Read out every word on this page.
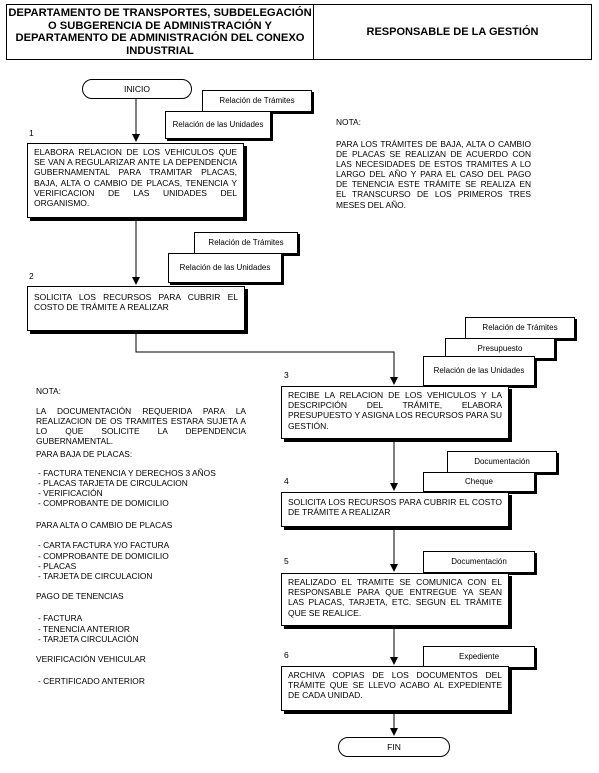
DEPARTAMENTO DE TRANSPORTES, SUBDELEGACIÓN O SUBGERENCIA DE ADMINISTRACIÓN Y DEPARTAMENTO DE ADMINISTRACIÓN DEL CONEXO INDUSTRIAL
RESPONSABLE DE LA GESTIÓN
INICIO
Relación de Trámites
Relación de las Unidades
1
ELABORA RELACION DE LOS VEHICULOS QUE SE VAN A REGULARIZAR ANTE LA DEPENDENCIA GUBERNAMENTAL PARA TRAMITAR PLACAS, BAJA, ALTA O CAMBIO DE PLACAS, TENENCIA Y VERIFICACION DE LAS UNIDADES DEL ORGANISMO.
NOTA:
PARA LOS TRÁMITES DE BAJA, ALTA O CAMBIO DE PLACAS SE REALIZAN DE ACUERDO CON LAS NECESIDADES DE ESTOS TRAMITES A LO LARGO DEL AÑO Y PARA EL CASO DEL PAGO DE TENENCIA ESTE TRÁMITE SE REALIZA EN EL TRANSCURSO DE LOS PRIMEROS TRES MESES DEL AÑO.
Relación de Trámites
Relación de las Unidades
2
SOLICITA LOS RECURSOS PARA CUBRIR EL COSTO DE TRÁMITE A REALIZAR
Relación de Trámites
Presupuesto
Relación de las Unidades

NOTA:

LA DOCUMENTACIÓN REQUERIDA PARA LA REALIZACION DE OS TRAMITES ESTARA SUJETA A LO QUE SOLICITE LA DEPENDENCIA GUBERNAMENTAL.

PARA BAJA DE PLACAS:

- FACTURA TENENCIA Y DERECHOS 3 AÑOS
- PLACAS TARJETA DE CIRCULACION
- VERIFICACIÓN
- COMPROBANTE DE DOMICILIO

PARA ALTA O CAMBIO DE PLACAS

- CARTA FACTURA Y/O FACTURA
- COMPROBANTE DE DOMICILIO
- PLACAS
- TARJETA DE CIRCULACION

PAGO DE TENENCIAS

- FACTURA
- TENENCIA ANTERIOR
- TARJETA CIRCULACIÓN

VERIFICACIÓN VEHICULAR

- CERTIFICADO ANTERIOR
3
RECIBE LA RELACION DE LOS VEHICULOS Y LA DESCRIPCIÓN DEL TRÁMITE, ELABORA PRESUPUESTO Y ASIGNA LOS RECURSOS PARA SU GESTIÓN.
Documentación
Cheque
4
SOLICITA LOS RECURSOS PARA CUBRIR EL COSTO DE TRÁMITE A REALIZAR
Documentación
5
REALIZADO EL TRAMITE SE COMUNICA CON EL RESPONSABLE PARA QUE ENTREGUE YA SEAN LAS PLACAS, TARJETA, ETC. SEGUN EL TRÁMITE QUE SE REALICE.
Expediente
6
ARCHIVA COPIAS DE LOS DOCUMENTOS DEL TRÁMITE QUE SE LLEVO ACABO AL EXPEDIENTE DE CADA UNIDAD.
FIN
